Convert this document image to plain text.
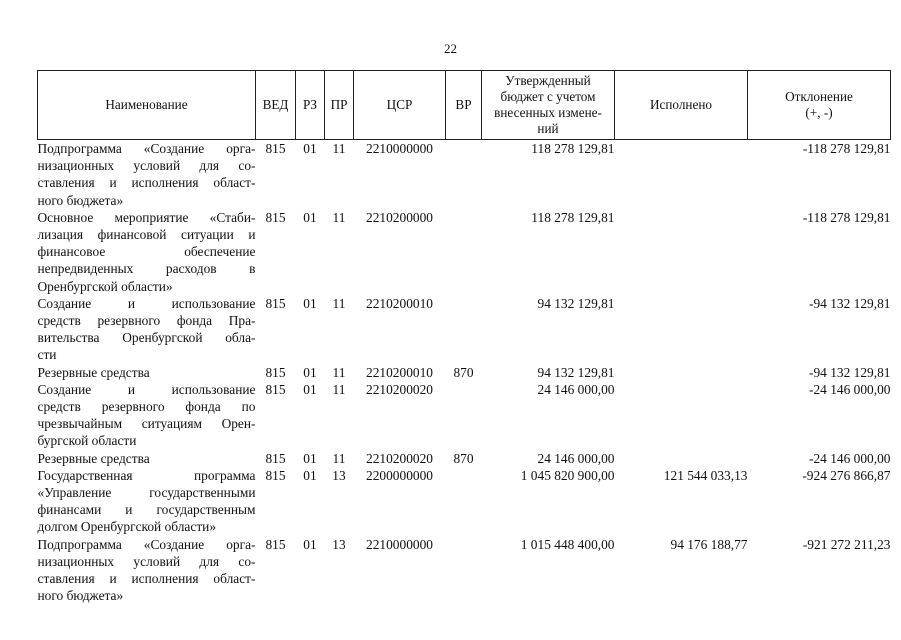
22
Наименование	ВЕД	РЗ	ПР	ЦСР	ВР	Утвержденный бюджет с учетом внесенных измене-ний	Исполнено	Отклонение (+, -)

Подпрограмма «Создание орга-
низационных условий для со-
ставления и исполнения област-
ного бюджета»	815	01	11	2210000000		118 278 129,81		-118 278 129,81

Основное мероприятие «Стаби-
лизация финансовой ситуации и
финансовое обеспечение
непредвиденных расходов в
Оренбургской области»	815	01	11	2210200000		118 278 129,81		-118 278 129,81

Создание и использование
средств резервного фонда Пра-
вительства Оренбургской обла-
сти	815	01	11	2210200010		94 132 129,81		-94 132 129,81

Резервные средства	815	01	11	2210200010	870	94 132 129,81		-94 132 129,81

Создание и использование
средств резервного фонда по
чрезвычайным ситуациям Орен-
бургской области	815	01	11	2210200020		24 146 000,00		-24 146 000,00

Резервные средства	815	01	11	2210200020	870	24 146 000,00		-24 146 000,00

Государственная программа
«Управление государственными
финансами и государственным
долгом Оренбургской области»	815	01	13	2200000000		1 045 820 900,00	121 544 033,13	-924 276 866,87

Подпрограмма «Создание орга-
низационных условий для со-
ставления и исполнения област-
ного бюджета»	815	01	13	2210000000		1 015 448 400,00	94 176 188,77	-921 272 211,23
